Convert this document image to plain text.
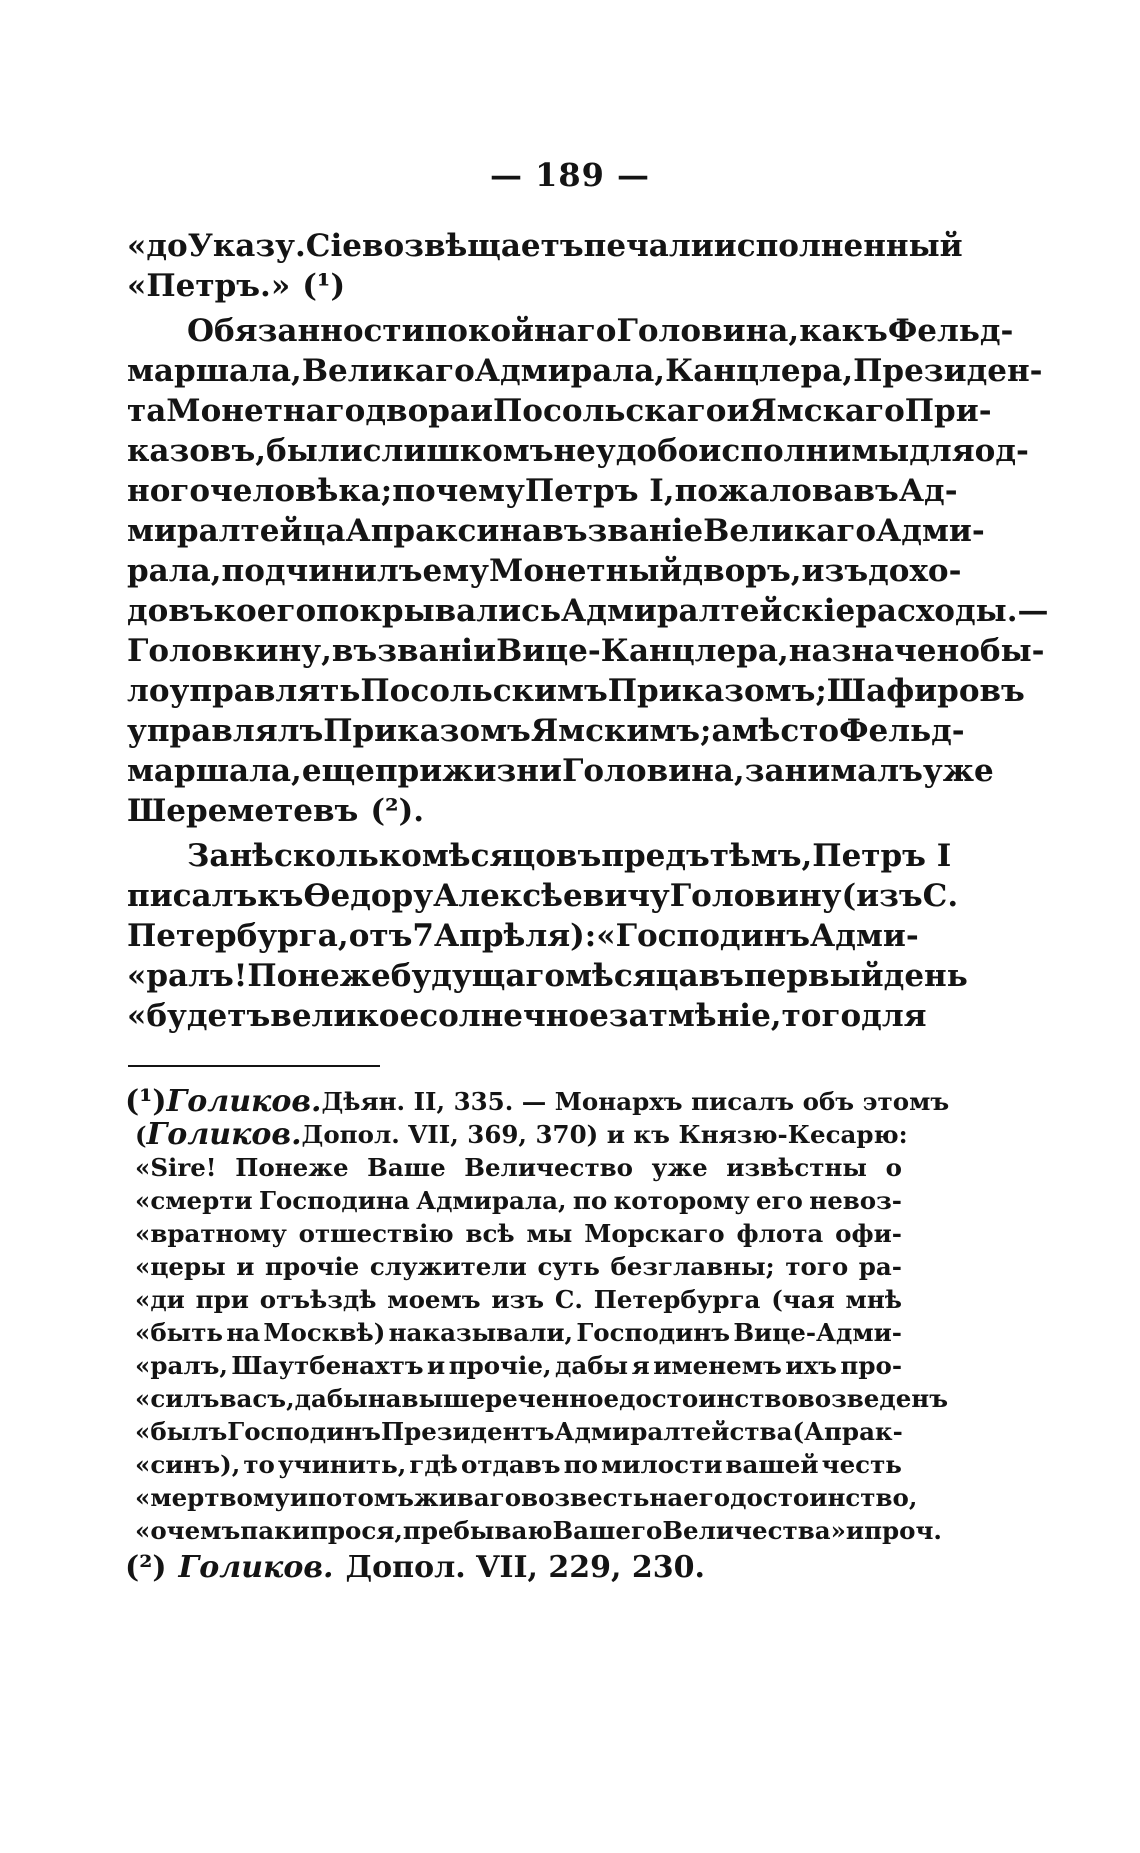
— 189 —
«до Указу. Сіе возвѣщаетъ печали исполненный
«Петръ.» (¹)
Обязанности покойнаго Головина, какъ Фельд-
маршала, Великаго Адмирала, Канцлера, Президен-
та Монетнаго двора и Посольскаго и Ямскаго При-
казовъ, были слишкомъ неудобоисполнимы для од-
ного человѣка; почему Петръ I, пожаловавъ Ад-
миралтейца Апраксина въ званіе Великаго Адми-
рала, подчинилъ ему Монетный дворъ, изъ дохо-
довъ коего покрывались Адмиралтейскіе расходы.—
Головкину, въ званіи Вице-Канцлера, назначено бы-
ло управлять Посольскимъ Приказомъ; Шафировъ
управлялъ Приказомъ Ямскимъ; а мѣсто Фельд-
маршала, еще при жизни Головина, занималъ уже
Шереметевъ (²).
За нѣсколько мѣсяцовъ предъ тѣмъ, Петръ I
писалъ къ Өедору Алексѣевичу Головину (изъ С.
Петербурга, отъ 7 Апрѣля): «Господинъ Адми-
«ралъ! Понеже будущаго мѣсяца въ первый день
«будетъ великое солнечное затмѣніе, того для
(¹) Голиков. Дѣян. II, 335. — Монархъ писалъ объ этомъ
(Голиков. Допол. VII, 369, 370) и къ Князю-Кесарю:
«Sire! Понеже Ваше Величество уже извѣстны о
«смерти Господина Адмирала, по которому его невоз-
«вратному отшествію всѣ мы Морскаго флота офи-
«церы и прочіе служители суть безглавны; того ра-
«ди при отъѣздѣ моемъ изъ С. Петербурга (чая мнѣ
«быть на Москвѣ) наказывали, Господинъ Вице-Адми-
«ралъ, Шаутбенахтъ и прочіе, дабы я именемъ ихъ про-
«силъ васъ, дабы на вышереченное достоинство возведенъ
«былъ Господинъ Президентъ Адмиралтейства (Апрак-
«синъ), то учинить, гдѣ отдавъ по милости вашей честь
«мертвому и потомъ живаго возвесть на его достоинство,
«о чемъ паки прося, пребываю Вашего Величества» и проч.
(²) Голиков. Допол. VII, 229, 230.
